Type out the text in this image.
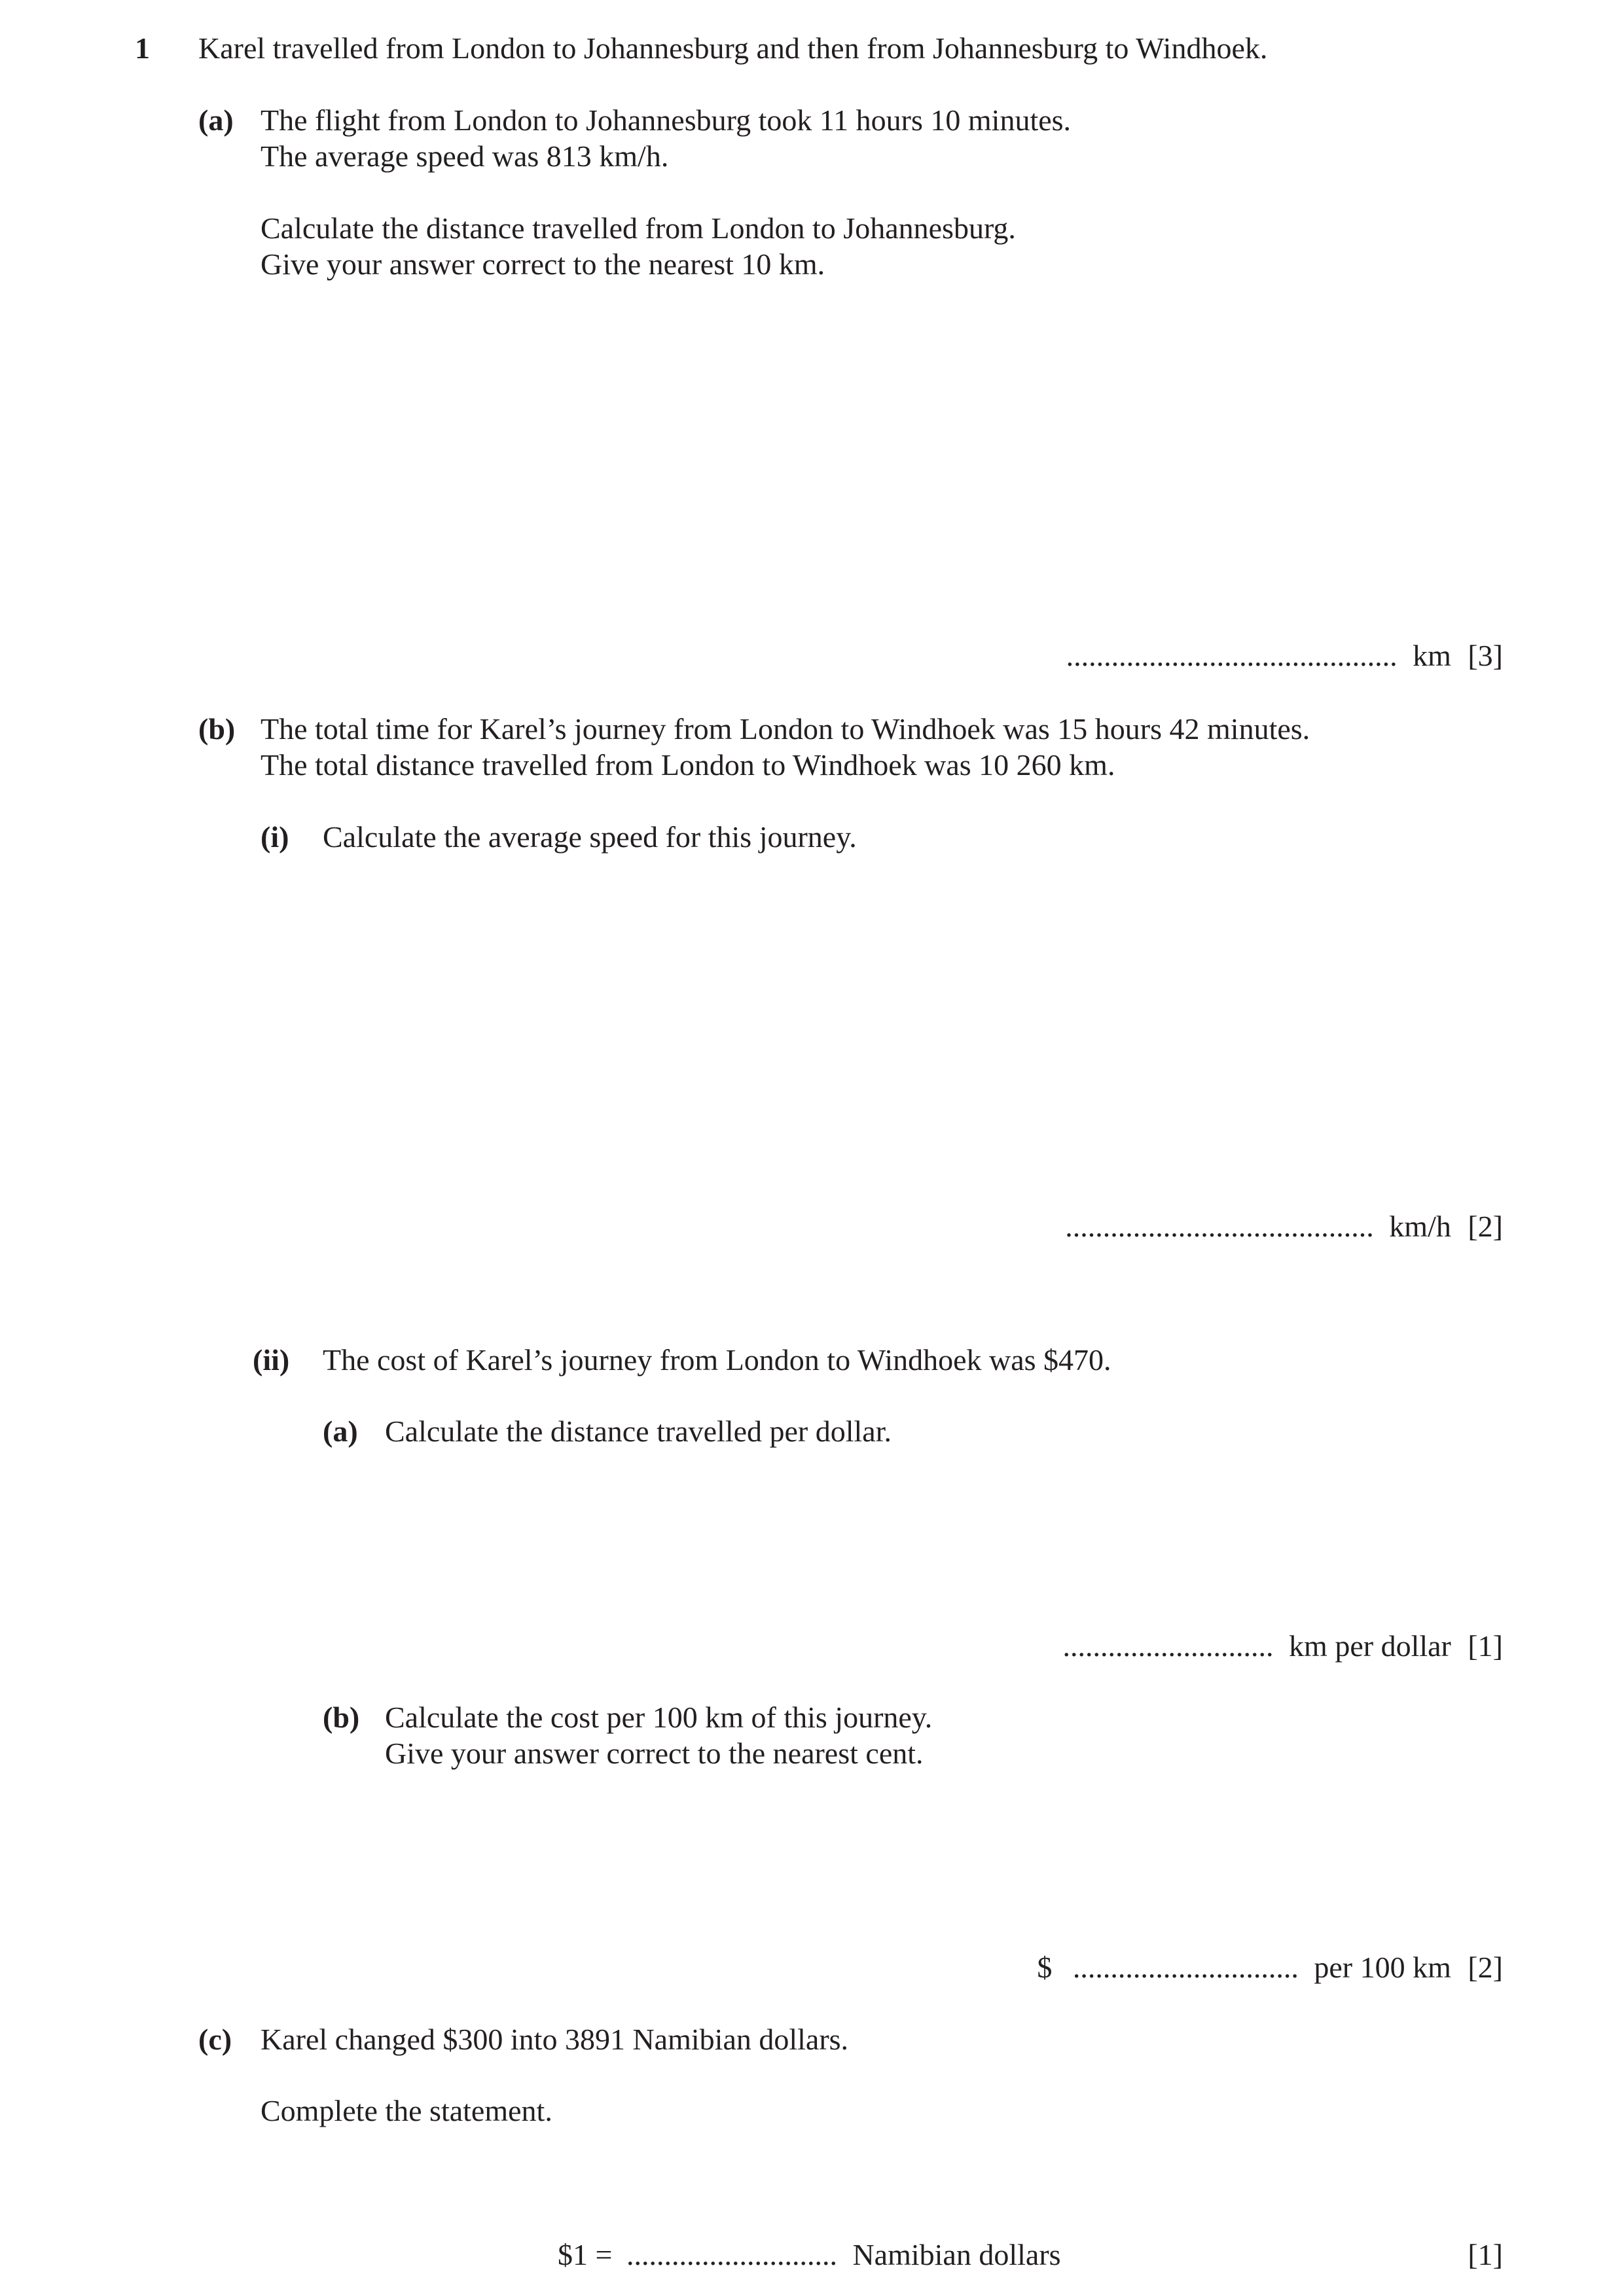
1 Karel travelled from London to Johannesburg and then from Johannesburg to Windhoek.
(a) The flight from London to Johannesburg took 11 hours 10 minutes.
The average speed was 813 km/h.
Calculate the distance travelled from London to Johannesburg.
Give your answer correct to the nearest 10 km.
............................................ km [3]
(b) The total time for Karel’s journey from London to Windhoek was 15 hours 42 minutes.
The total distance travelled from London to Windhoek was 10 260 km.
(i) Calculate the average speed for this journey.
......................................... km/h [2]
(ii) The cost of Karel’s journey from London to Windhoek was $470.
(a) Calculate the distance travelled per dollar.
............................ km per dollar [1]
(b) Calculate the cost per 100 km of this journey.
Give your answer correct to the nearest cent.
$ .............................. per 100 km [2]
(c) Karel changed $300 into 3891 Namibian dollars.
Complete the statement.
$1 = ............................ Namibian dollars	[1]
